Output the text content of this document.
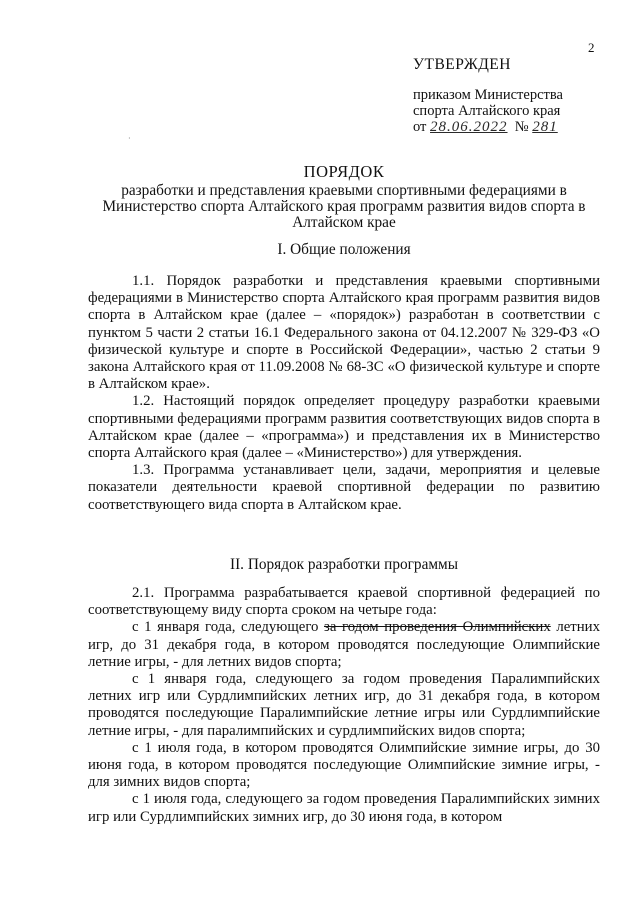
2
УТВЕРЖДЕН
приказом Министерства
спорта Алтайского края
от 28.06.2022 № 281
·
ПОРЯДОК
разработки и представления краевыми спортивными федерациями в Министерство спорта Алтайского края программ развития видов спорта в Алтайском крае
I. Общие положения

1.1. Порядок разработки и представления краевыми спортивными федерациями в Министерство спорта Алтайского края программ развития видов спорта в Алтайском крае (далее – «порядок») разработан в соответствии с пунктом 5 части 2 статьи 16.1 Федерального закона от 04.12.2007 № 329-ФЗ «О физической культуре и спорте в Российской Федерации», частью 2 статьи 9 закона Алтайского края от 11.09.2008 № 68-ЗС «О физической культуре и спорте в Алтайском крае».

1.2. Настоящий порядок определяет процедуру разработки краевыми спортивными федерациями программ развития соответствующих видов спорта в Алтайском крае (далее – «программа») и представления их в Министерство спорта Алтайского края (далее – «Министерство») для утверждения.

1.3. Программа устанавливает цели, задачи, мероприятия и целевые показатели деятельности краевой спортивной федерации по развитию соответствующего вида спорта в Алтайском крае.

II. Порядок разработки программы

2.1. Программа разрабатывается краевой спортивной федерацией по соответствующему виду спорта сроком на четыре года:

с 1 января года, следующего за годом проведения Олимпийских летних игр, до 31 декабря года, в котором проводятся последующие Олимпийские летние игры, - для летних видов спорта;

с 1 января года, следующего за годом проведения Паралимпийских летних игр или Сурдлимпийских летних игр, до 31 декабря года, в котором проводятся последующие Паралимпийские летние игры или Сурдлимпийские летние игры, - для паралимпийских и сурдлимпийских видов спорта;

с 1 июля года, в котором проводятся Олимпийские зимние игры, до 30 июня года, в котором проводятся последующие Олимпийские зимние игры, - для зимних видов спорта;

с 1 июля года, следующего за годом проведения Паралимпийских зимних игр или Сурдлимпийских зимних игр, до 30 июня года, в котором
